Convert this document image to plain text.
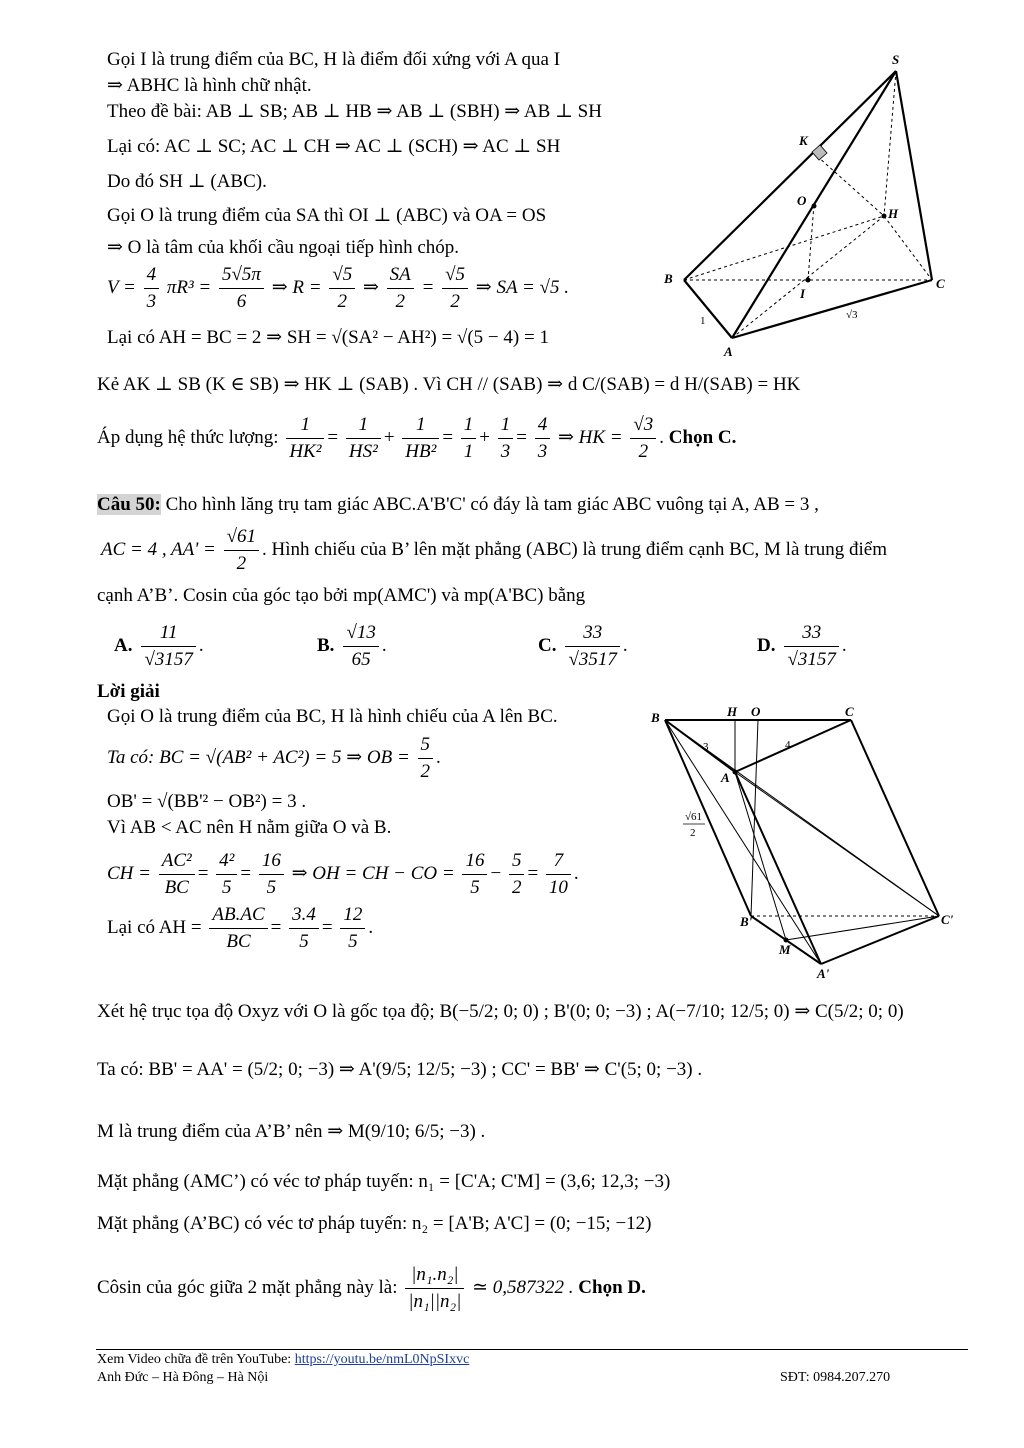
Gọi I là trung điểm của BC, H là điểm đối xứng với A qua I
⇒ ABHC là hình chữ nhật.
Theo đề bài: AB ⊥ SB; AB ⊥ HB ⇒ AB ⊥ (SBH) ⇒ AB ⊥ SH
Lại có: AC ⊥ SC; AC ⊥ CH ⇒ AC ⊥ (SCH) ⇒ AC ⊥ SH
Do đó SH ⊥ (ABC).
Gọi O là trung điểm của SA thì OI ⊥ (ABC) và OA = OS
⇒ O là tâm của khối cầu ngoại tiếp hình chóp.
$V = \frac{4}{3} \pi R^3 = \frac{5√5\pi}{6}$ ⇒ $R = \frac{√5}{2}$ ⇒ $\frac{SA}{2} = \frac{√5}{2}$ ⇒ SA = √5 .
Lại có AH = BC = 2 ⇒ SH = √(SA² − AH²) = √(5 − 4) = 1
Kẻ AK ⊥ SB (K ∈ SB) ⇒ HK ⊥ (SAB) . Vì CH // (SAB) ⇒ d C/(SAB) = d H/(SAB) = HK
Áp dụng hệ thức lượng: $\frac{1}{\text{HK²}} = \frac{1}{\text{HS²}} + \frac{1}{\text{HB²}} = \frac{1}{1} + \frac{1}{3} = \frac{4}{3}$ ⇒ HK = $\frac{√3}{2}$ . Chọn C.
S
K
O
H
B	C
I
A
1	√3
Câu 50: Cho hình lăng trụ tam giác ABC.A'B'C' có đáy là tam giác ABC vuông tại A, AB = 3 ,
AC = 4 , $AA' = \frac{√61}{2}$ . Hình chiếu của B’ lên mặt phẳng (ABC) là trung điểm cạnh BC, M là trung điểm
cạnh A’B’. Cosin của góc tạo bởi mp(AMC') và mp(A'BC) bằng
A. $\frac{11}{√3157}$ .	B. $\frac{√13}{65}$ .	C. $\frac{33}{√3517}$ .	D. $\frac{33}{√3157}$ .
Lời giải
Gọi O là trung điểm của BC, H là hình chiếu của A lên BC.
Ta có: BC = √(AB² + AC²) = 5 ⇒ OB = $\frac{5}{2}$ .
OB' = √(BB'² − OB²) = 3 .
Vì AB < AC nên H nằm giữa O và B.
CH = $\frac{\text{AC²}}{BC} = \frac{\text{4²}}{5} = \frac{16}{5}$ ⇒ OH = CH − CO = $\frac{16}{5} - \frac{5}{2} = \frac{7}{10}$ .
Lại có AH = $\frac{AB.AC}{BC} = \frac{3.4}{5} = \frac{12}{5}$ .
Xét hệ trục tọa độ Oxyz với O là gốc tọa độ; B(−5/2; 0; 0) ; B'(0; 0; −3) ; A(−7/10; 12/5; 0) ⇒ C(5/2; 0; 0)
Ta có: BB' = AA' = (5/2; 0; −3) ⇒ A'(9/5; 12/5; −3) ; CC' = BB' ⇒ C'(5; 0; −3) .
M là trung điểm của A’B’ nên ⇒ M(9/10; 6/5; −3) .
Mặt phẳng (AMC’) có véc tơ pháp tuyến: n₁ = [C'A; C'M] = (3,6; 12,3; −3)
Mặt phẳng (A’BC) có véc tơ pháp tuyến: n₂ = [A'B; A'C] = (0; −15; −12)
Côsin của góc giữa 2 mặt phẳng này là: $\frac{\text{|n₁.n₂|}}{\text{|n₁||n₂|}}$ ≃ 0,587322 . Chọn D.
B	H O	C
A
B'	C'
A'
M
3	4
√61
2
Xem Video chữa đề trên YouTube: https://youtu.be/nmL0NpSIxvc
Anh Đức – Hà Đông – Hà Nội	SĐT: 0984.207.270
